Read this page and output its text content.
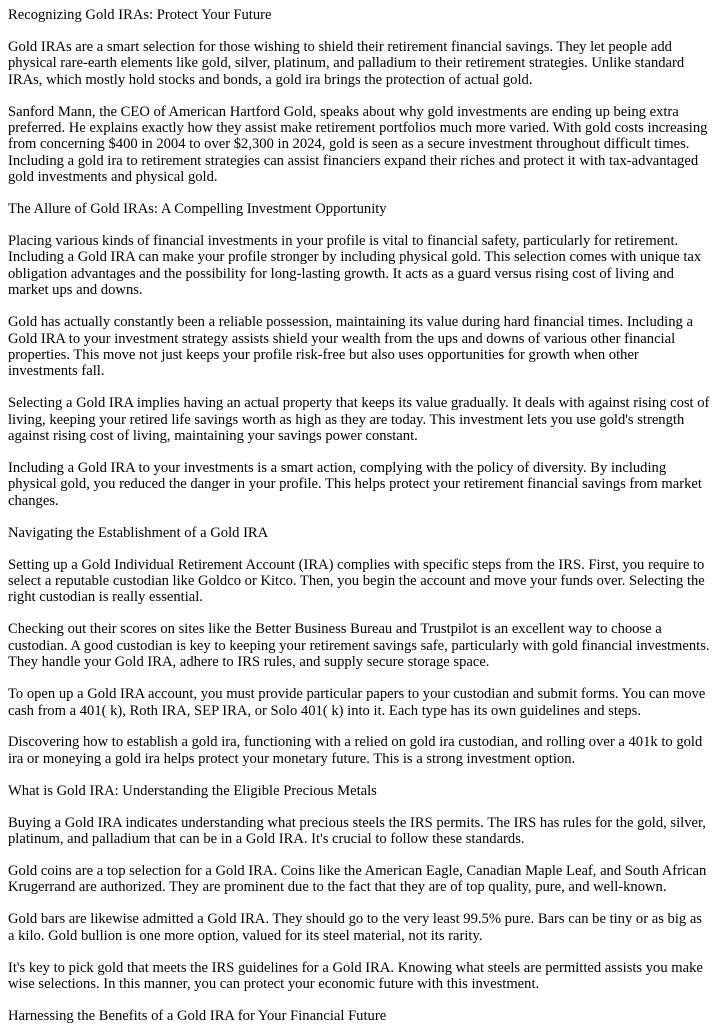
Recognizing Gold IRAs: Protect Your Future

Gold IRAs are a smart selection for those wishing to shield their retirement financial savings. They let people add physical rare-earth elements like gold, silver, platinum, and palladium to their retirement strategies. Unlike standard IRAs, which mostly hold stocks and bonds, a gold ira brings the protection of actual gold.

Sanford Mann, the CEO of American Hartford Gold, speaks about why gold investments are ending up being extra preferred. He explains exactly how they assist make retirement portfolios much more varied. With gold costs increasing from concerning $400 in 2004 to over $2,300 in 2024, gold is seen as a secure investment throughout difficult times. Including a gold ira to retirement strategies can assist financiers expand their riches and protect it with tax-advantaged gold investments and physical gold.

The Allure of Gold IRAs: A Compelling Investment Opportunity

Placing various kinds of financial investments in your profile is vital to financial safety, particularly for retirement. Including a Gold IRA can make your profile stronger by including physical gold. This selection comes with unique tax obligation advantages and the possibility for long-lasting growth. It acts as a guard versus rising cost of living and market ups and downs.

Gold has actually constantly been a reliable possession, maintaining its value during hard financial times. Including a Gold IRA to your investment strategy assists shield your wealth from the ups and downs of various other financial properties. This move not just keeps your profile risk-free but also uses opportunities for growth when other investments fall.

Selecting a Gold IRA implies having an actual property that keeps its value gradually. It deals with against rising cost of living, keeping your retired life savings worth as high as they are today. This investment lets you use gold's strength against rising cost of living, maintaining your savings power constant.

Including a Gold IRA to your investments is a smart action, complying with the policy of diversity. By including physical gold, you reduced the danger in your profile. This helps protect your retirement financial savings from market changes.

Navigating the Establishment of a Gold IRA

Setting up a Gold Individual Retirement Account (IRA) complies with specific steps from the IRS. First, you require to select a reputable custodian like Goldco or Kitco. Then, you begin the account and move your funds over. Selecting the right custodian is really essential.

Checking out their scores on sites like the Better Business Bureau and Trustpilot is an excellent way to choose a custodian. A good custodian is key to keeping your retirement savings safe, particularly with gold financial investments. They handle your Gold IRA, adhere to IRS rules, and supply secure storage space.

To open up a Gold IRA account, you must provide particular papers to your custodian and submit forms. You can move cash from a 401( k), Roth IRA, SEP IRA, or Solo 401( k) into it. Each type has its own guidelines and steps.

Discovering how to establish a gold ira, functioning with a relied on gold ira custodian, and rolling over a 401k to gold ira or moneying a gold ira helps protect your monetary future. This is a strong investment option.

What is Gold IRA: Understanding the Eligible Precious Metals

Buying a Gold IRA indicates understanding what precious steels the IRS permits. The IRS has rules for the gold, silver, platinum, and palladium that can be in a Gold IRA. It's crucial to follow these standards.

Gold coins are a top selection for a Gold IRA. Coins like the American Eagle, Canadian Maple Leaf, and South African Krugerrand are authorized. They are prominent due to the fact that they are of top quality, pure, and well-known.

Gold bars are likewise admitted a Gold IRA. They should go to the very least 99.5% pure. Bars can be tiny or as big as a kilo. Gold bullion is one more option, valued for its steel material, not its rarity.

It's key to pick gold that meets the IRS guidelines for a Gold IRA. Knowing what steels are permitted assists you make wise selections. In this manner, you can protect your economic future with this investment.

Harnessing the Benefits of a Gold IRA for Your Financial Future
